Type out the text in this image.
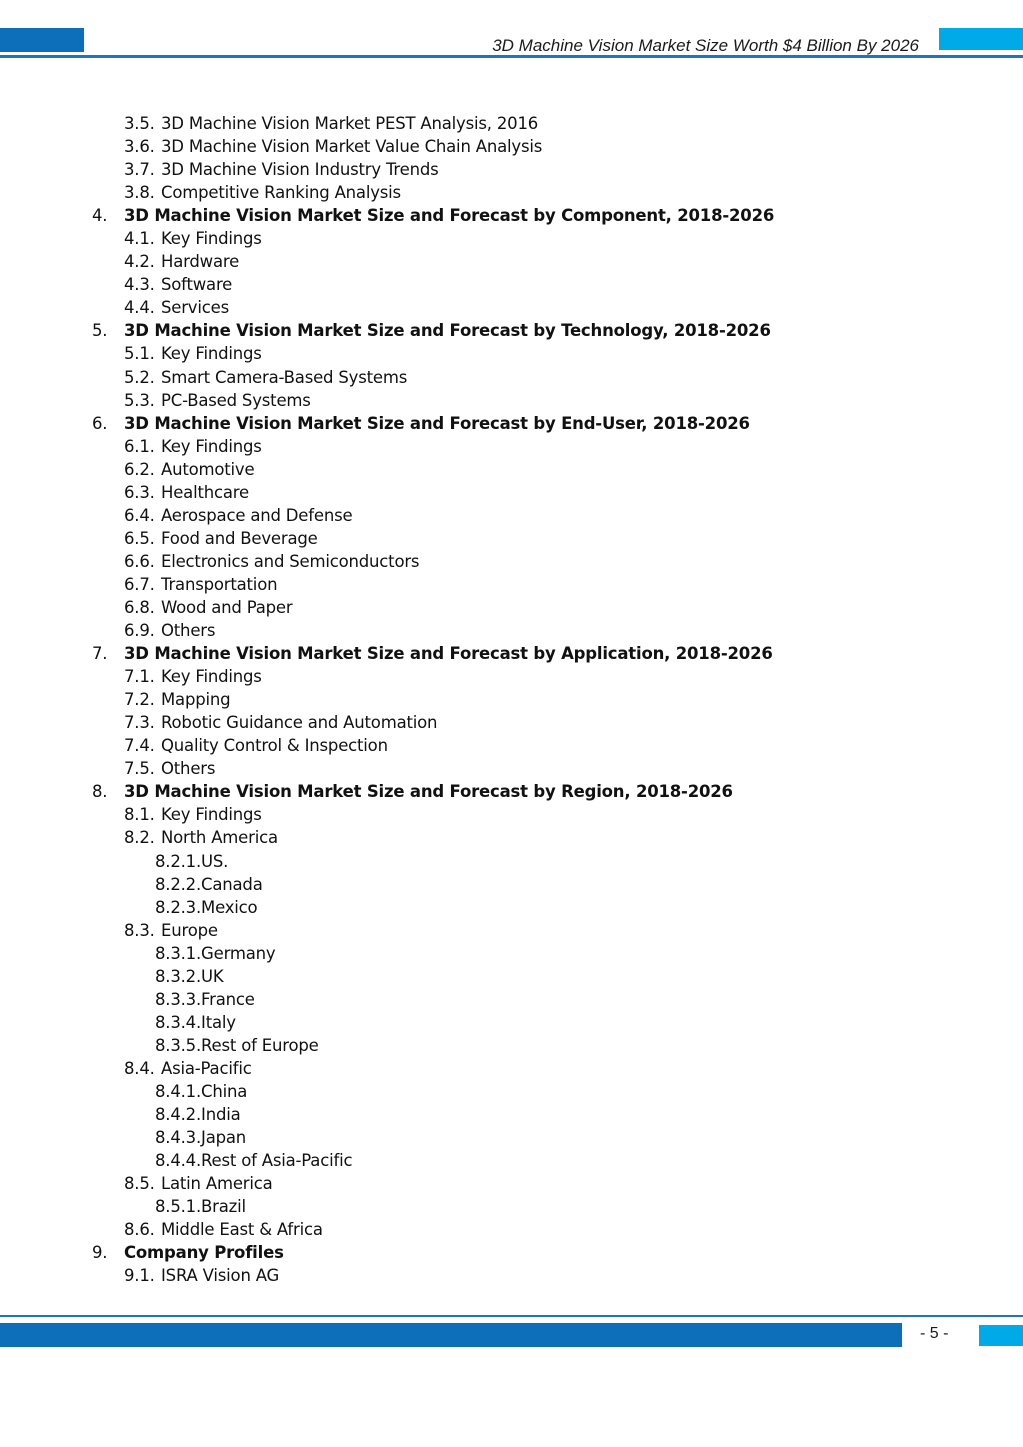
3D Machine Vision Market Size Worth $4 Billion By 2026
3.5. 3D Machine Vision Market PEST Analysis, 2016
3.6. 3D Machine Vision Market Value Chain Analysis
3.7. 3D Machine Vision Industry Trends
3.8. Competitive Ranking Analysis
4. 3D Machine Vision Market Size and Forecast by Component, 2018-2026
4.1. Key Findings
4.2. Hardware
4.3. Software
4.4. Services
5. 3D Machine Vision Market Size and Forecast by Technology, 2018-2026
5.1. Key Findings
5.2. Smart Camera-Based Systems
5.3. PC-Based Systems
6. 3D Machine Vision Market Size and Forecast by End-User, 2018-2026
6.1. Key Findings
6.2. Automotive
6.3. Healthcare
6.4. Aerospace and Defense
6.5. Food and Beverage
6.6. Electronics and Semiconductors
6.7. Transportation
6.8. Wood and Paper
6.9. Others
7. 3D Machine Vision Market Size and Forecast by Application, 2018-2026
7.1. Key Findings
7.2. Mapping
7.3. Robotic Guidance and Automation
7.4. Quality Control & Inspection
7.5. Others
8. 3D Machine Vision Market Size and Forecast by Region, 2018-2026
8.1. Key Findings
8.2. North America
8.2.1.US.
8.2.2.Canada
8.2.3.Mexico
8.3. Europe
8.3.1.Germany
8.3.2.UK
8.3.3.France
8.3.4.Italy
8.3.5.Rest of Europe
8.4. Asia-Pacific
8.4.1.China
8.4.2.India
8.4.3.Japan
8.4.4.Rest of Asia-Pacific
8.5. Latin America
8.5.1.Brazil
8.6. Middle East & Africa
9. Company Profiles
9.1. ISRA Vision AG
- 5 -
